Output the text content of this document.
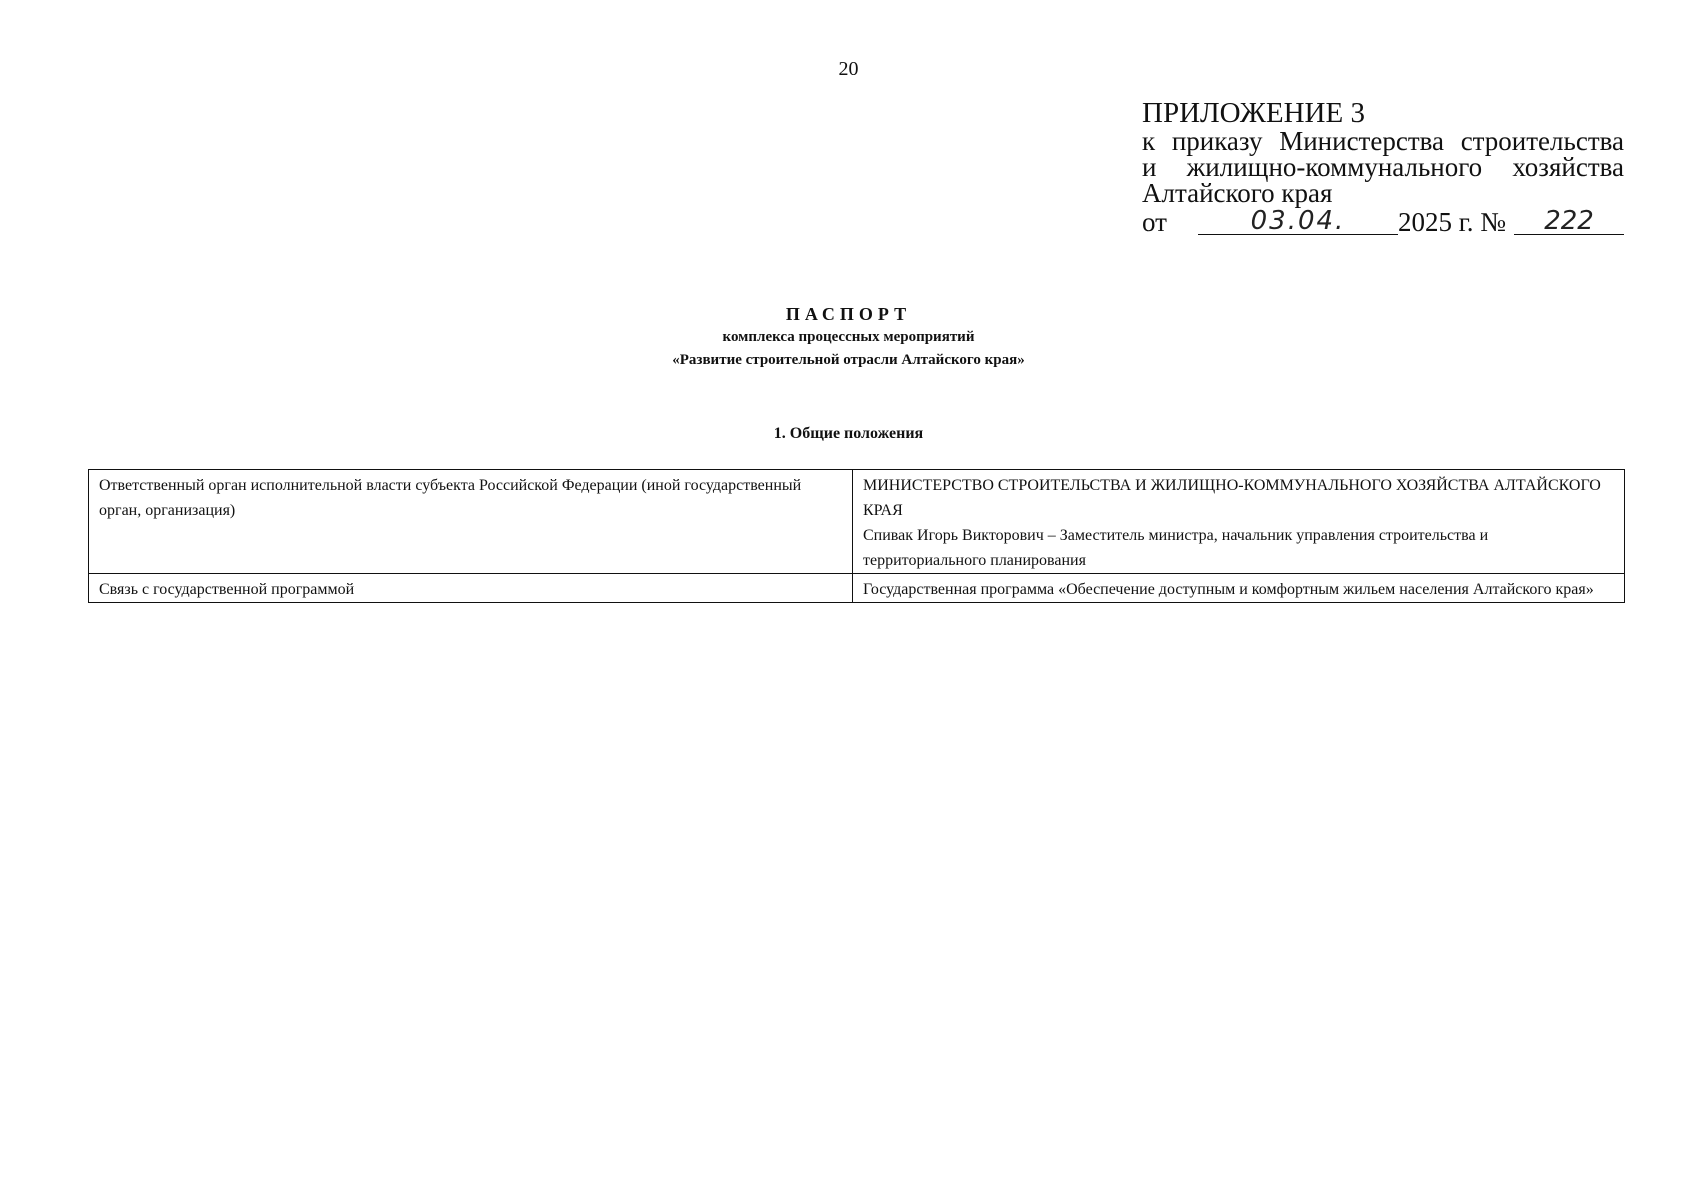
20
ПРИЛОЖЕНИЕ 3
к приказу Министерства строительства
и жилищно-коммунального хозяйства
Алтайского края
от	03.04.	2025 г. №	222
ПАСПОРТ
комплекса процессных мероприятий
«Развитие строительной отрасли Алтайского края»
1. Общие положения
Ответственный орган исполнительной власти субъекта Российской Федерации (иной государственный орган, организация)	МИНИСТЕРСТВО СТРОИТЕЛЬСТВА И ЖИЛИЩНО-КОММУНАЛЬНОГО ХОЗЯЙСТВА АЛТАЙСКОГО КРАЯ
Спивак Игорь Викторович – Заместитель министра, начальник управления строительства и территориального планирования

Связь с государственной программой	Государственная программа «Обеспечение доступным и комфортным жильем населения Алтайского края»
